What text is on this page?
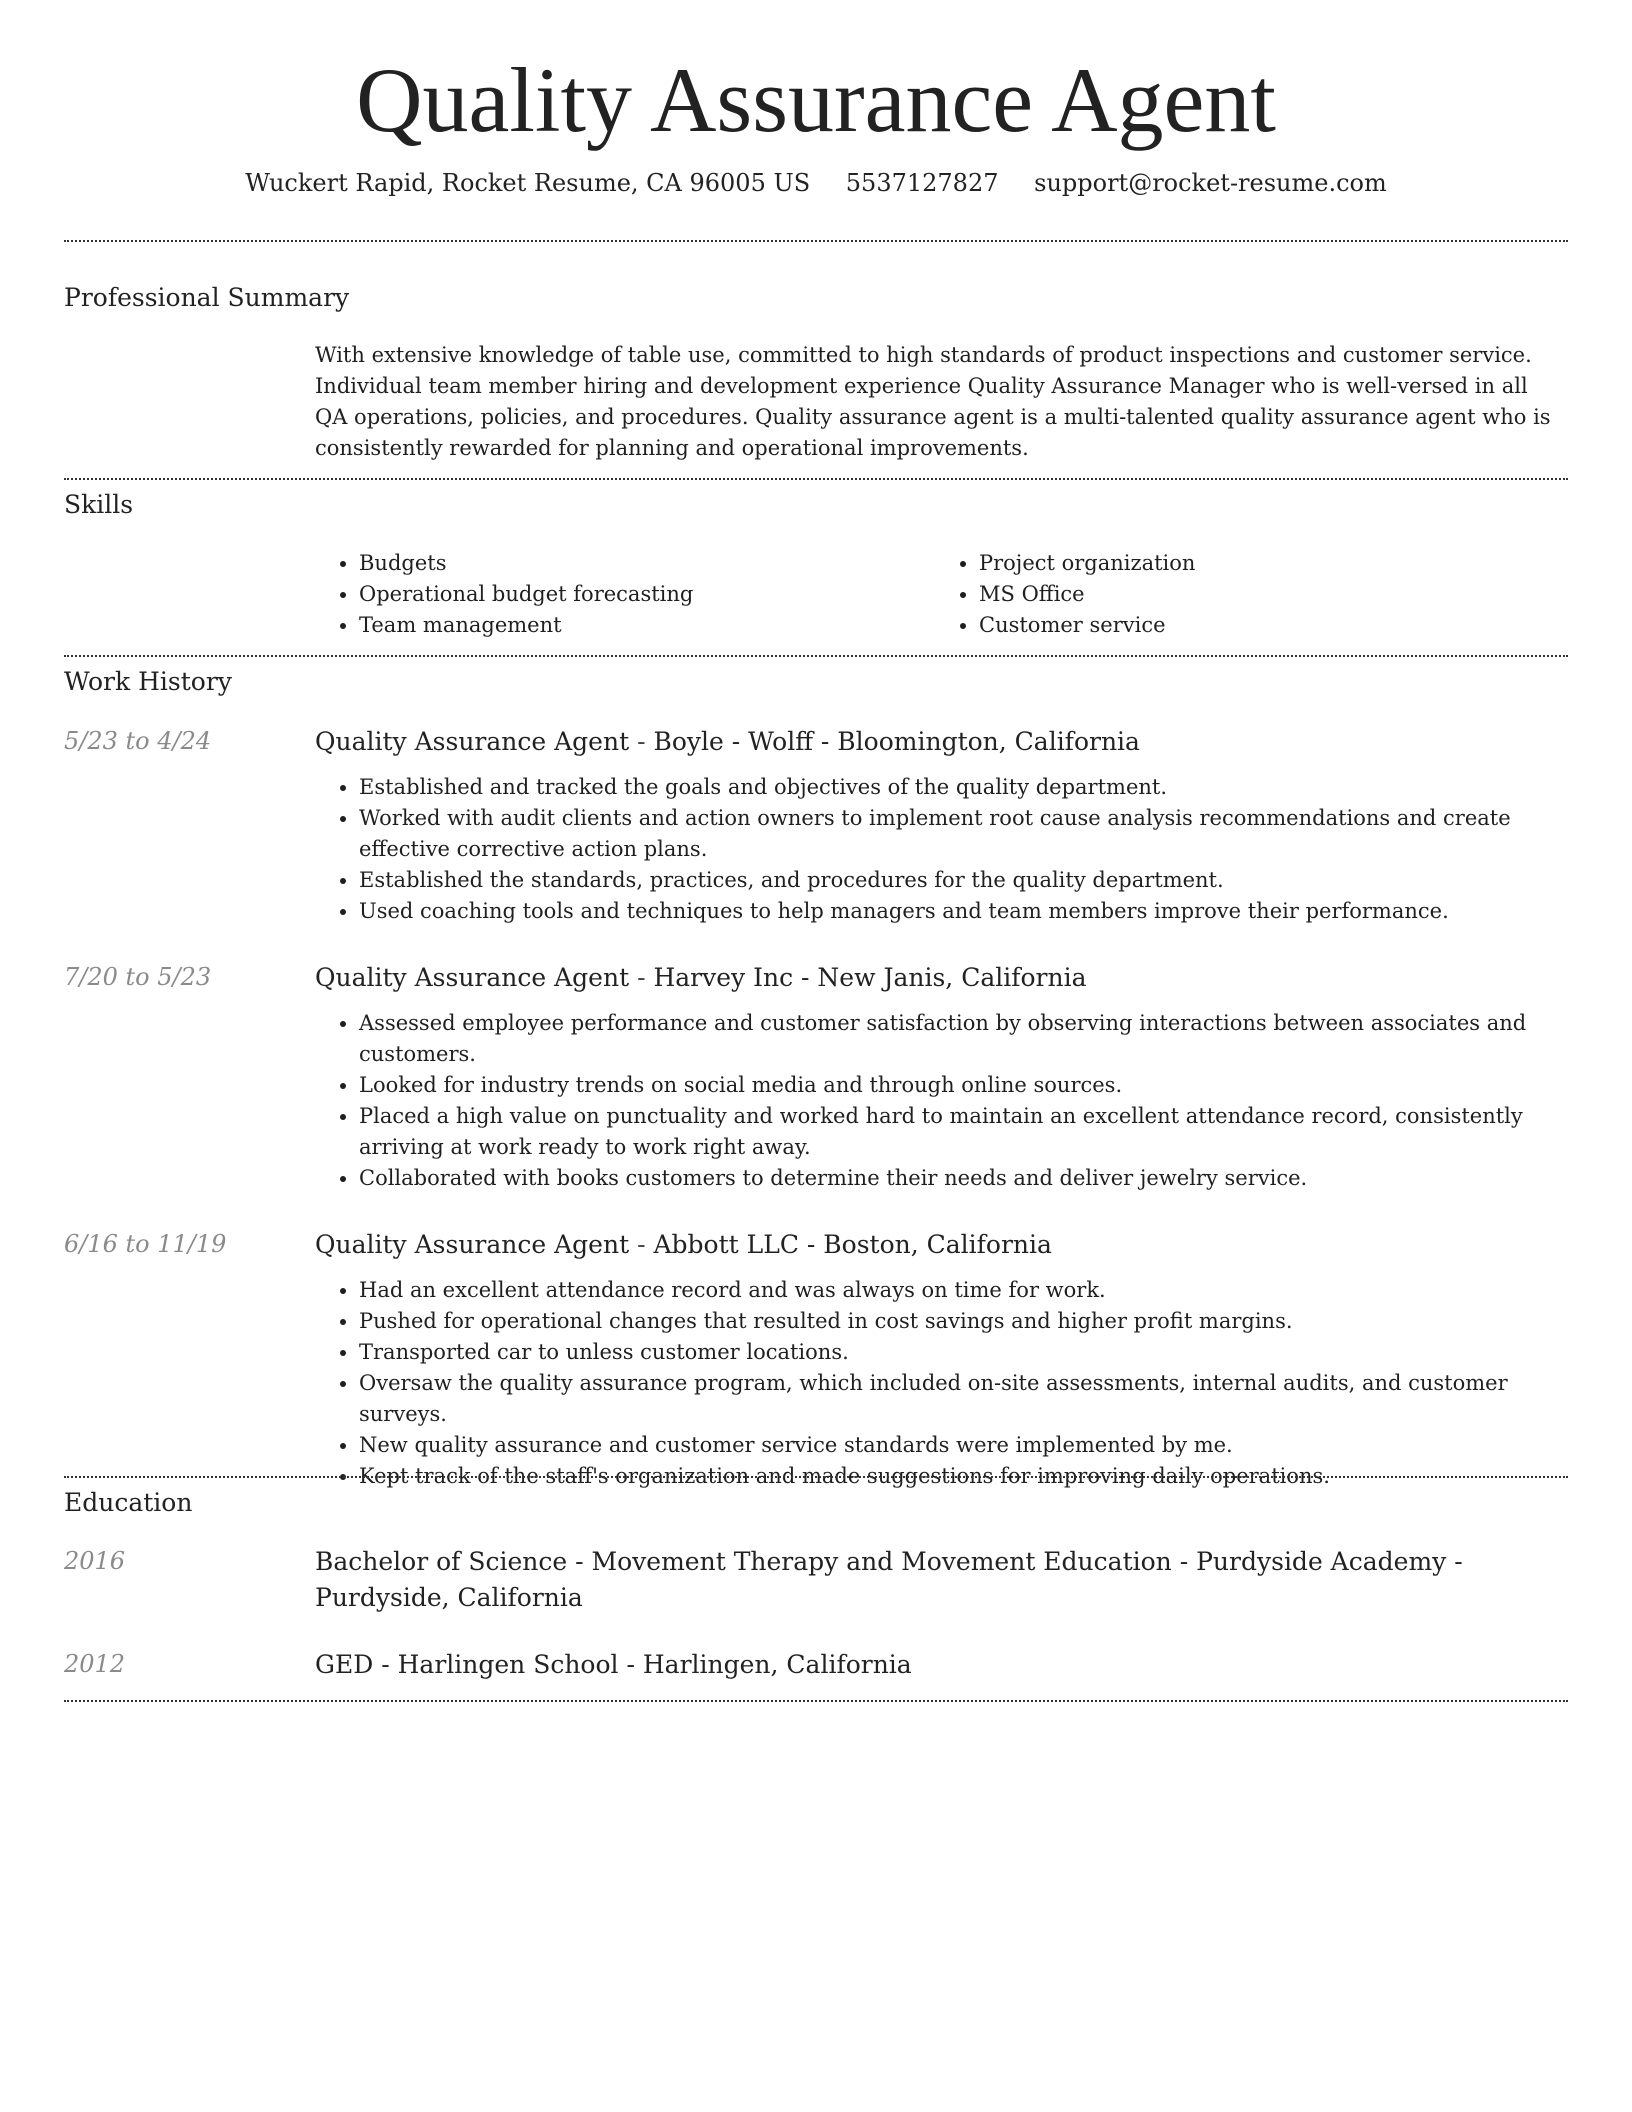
Quality Assurance Agent
Wuckert Rapid, Rocket Resume, CA 96005 US 5537127827 support@rocket-resume.com
Professional Summary
With extensive knowledge of table use, committed to high standards of product inspections and customer service. Individual team member hiring and development experience Quality Assurance Manager who is well-versed in all QA operations, policies, and procedures. Quality assurance agent is a multi-talented quality assurance agent who is consistently rewarded for planning and operational improvements.
Skills
• Budgets
• Operational budget forecasting
• Team management
• Project organization
• MS Office
• Customer service
Work History
5/23 to 4/24	Quality Assurance Agent - Boyle - Wolff - Bloomington, California
• Established and tracked the goals and objectives of the quality department.
• Worked with audit clients and action owners to implement root cause analysis recommendations and create effective corrective action plans.
• Established the standards, practices, and procedures for the quality department.
• Used coaching tools and techniques to help managers and team members improve their performance.
7/20 to 5/23	Quality Assurance Agent - Harvey Inc - New Janis, California
• Assessed employee performance and customer satisfaction by observing interactions between associates and customers.
• Looked for industry trends on social media and through online sources.
• Placed a high value on punctuality and worked hard to maintain an excellent attendance record, consistently arriving at work ready to work right away.
• Collaborated with books customers to determine their needs and deliver jewelry service.
6/16 to 11/19	Quality Assurance Agent - Abbott LLC - Boston, California
• Had an excellent attendance record and was always on time for work.
• Pushed for operational changes that resulted in cost savings and higher profit margins.
• Transported car to unless customer locations.
• Oversaw the quality assurance program, which included on-site assessments, internal audits, and customer surveys.
• New quality assurance and customer service standards were implemented by me.
• Kept track of the staff's organization and made suggestions for improving daily operations.
Education
2016	Bachelor of Science - Movement Therapy and Movement Education - Purdyside Academy - Purdyside, California
2012	GED - Harlingen School - Harlingen, California
